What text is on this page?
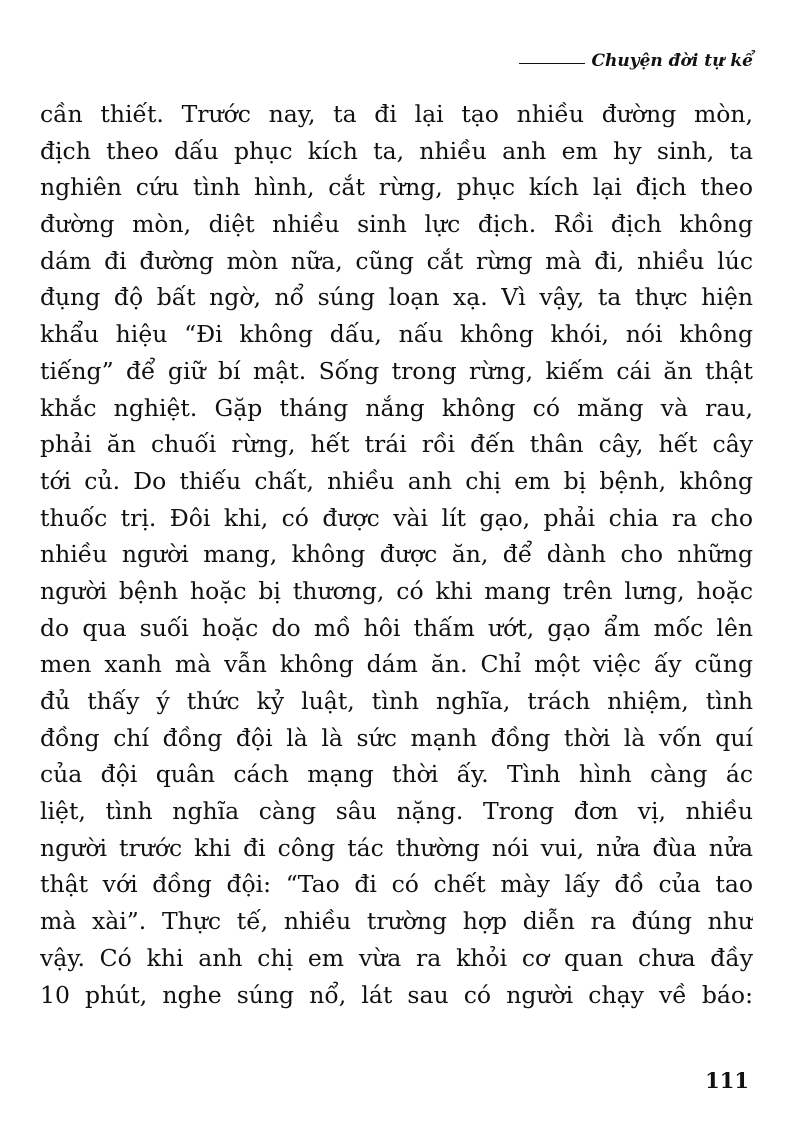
Chuyện đời tự kể
cần thiết. Trước nay, ta đi lại tạo nhiều đường mòn,
địch theo dấu phục kích ta, nhiều anh em hy sinh, ta
nghiên cứu tình hình, cắt rừng, phục kích lại địch theo
đường mòn, diệt nhiều sinh lực địch. Rồi địch không
dám đi đường mòn nữa, cũng cắt rừng mà đi, nhiều lúc
đụng độ bất ngờ, nổ súng loạn xạ. Vì vậy, ta thực hiện
khẩu hiệu “Đi không dấu, nấu không khói, nói không
tiếng” để giữ bí mật. Sống trong rừng, kiếm cái ăn thật
khắc nghiệt. Gặp tháng nắng không có măng và rau,
phải ăn chuối rừng, hết trái rồi đến thân cây, hết cây
tới củ. Do thiếu chất, nhiều anh chị em bị bệnh, không
thuốc trị. Đôi khi, có được vài lít gạo, phải chia ra cho
nhiều người mang, không được ăn, để dành cho những
người bệnh hoặc bị thương, có khi mang trên lưng, hoặc
do qua suối hoặc do mồ hôi thấm ướt, gạo ẩm mốc lên
men xanh mà vẫn không dám ăn. Chỉ một việc ấy cũng
đủ thấy ý thức kỷ luật, tình nghĩa, trách nhiệm, tình
đồng chí đồng đội là là sức mạnh đồng thời là vốn quí
của đội quân cách mạng thời ấy. Tình hình càng ác
liệt, tình nghĩa càng sâu nặng. Trong đơn vị, nhiều
người trước khi đi công tác thường nói vui, nửa đùa nửa
thật với đồng đội: “Tao đi có chết mày lấy đồ của tao
mà xài”. Thực tế, nhiều trường hợp diễn ra đúng như
vậy. Có khi anh chị em vừa ra khỏi cơ quan chưa đầy
10 phút, nghe súng nổ, lát sau có người chạy về báo:
111
